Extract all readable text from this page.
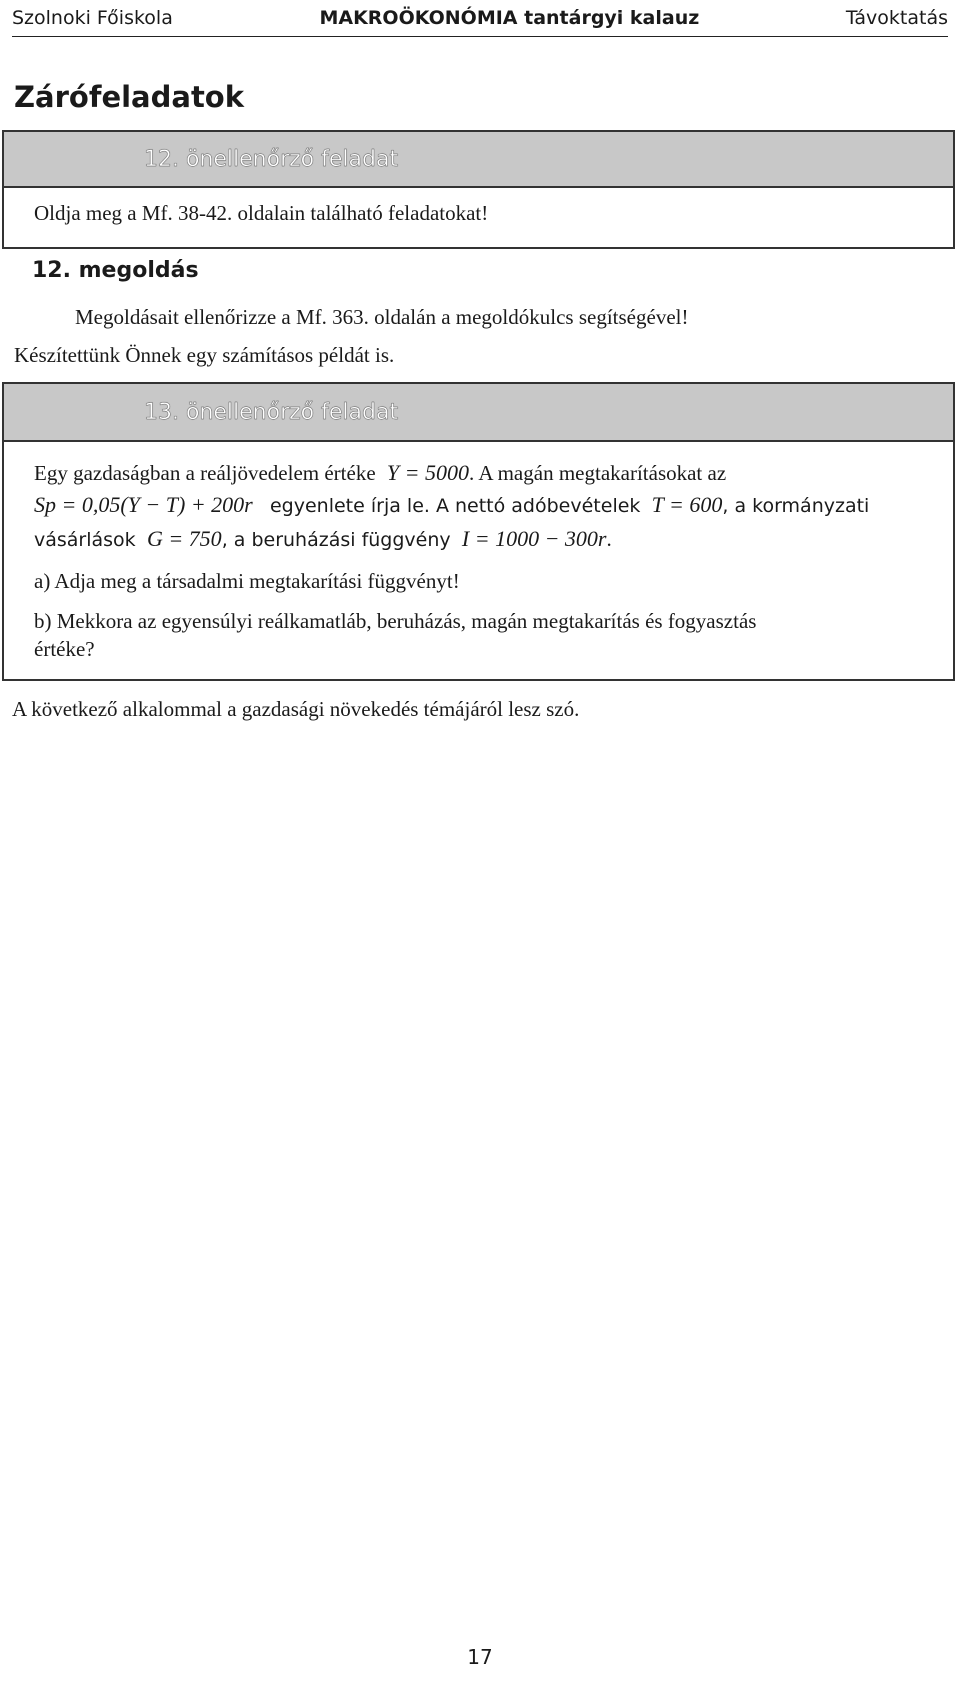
Szolnoki Főiskola	MAKROÖKONÓMIA tantárgyi kalauz	Távoktatás
Zárófeladatok
12. önellenőrző feladat
Oldja meg a Mf. 38-42. oldalain található feladatokat!
12. megoldás
Megoldásait ellenőrizze a Mf. 363. oldalán a megoldókulcs segítségével!
Készítettünk Önnek egy számításos példát is.
13. önellenőrző feladat
Egy gazdaságban a reáljövedelem értéke Y = 5000. A magán megtakarításokat az
Sp = 0,05(Y − T) + 200r egyenlete írja le. A nettó adóbevételek T = 600, a kormányzati
vásárlások G = 750, a beruházási függvény I = 1000 − 300r.
a) Adja meg a társadalmi megtakarítási függvényt!
b) Mekkora az egyensúlyi reálkamatláb, beruházás, magán megtakarítás és fogyasztás
értéke?
A következő alkalommal a gazdasági növekedés témájáról lesz szó.
17
